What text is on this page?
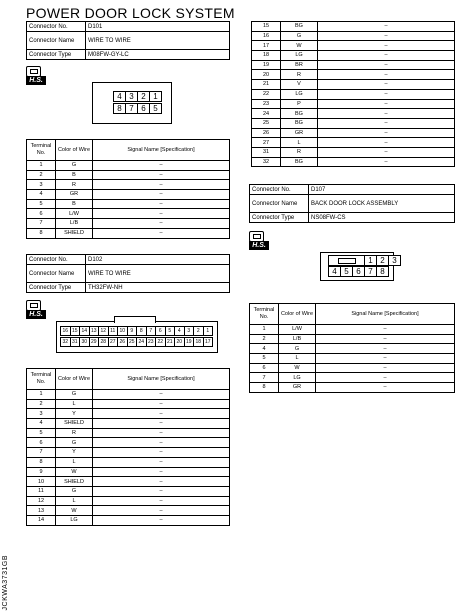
POWER DOOR LOCK SYSTEM
Connector No.	D101
Connector Name	WIRE TO WIRE
Connector Type	M08FW-GY-LC
H.S.
4 3 2 1
8 7 6 5
Terminal No.	Color of Wire	Signal Name [Specification]
1	G	–
2	B	–
3	R	–
4	GR	–
5	B	–
6	L/W	–
7	L/B	–
8	SHIELD	–
Connector No.	D102
Connector Name	WIRE TO WIRE
Connector Type	TH32FW-NH
H.S.
16 15 14 13 12 11 10	9	8	7	6	5	4	3	2	1
32 31 30 29 28 27 26 25 24 23 22 21 20 19 18 17
Terminal No.	Color of Wire	Signal Name [Specification]
1	G	–
2	L	–
3	Y	–
4	SHIELD	–
5	R	–
6	G	–
7	Y	–
8	L	–
9	W	–
10	SHIELD	–
11	G	–
12	L	–
13	W	–
14	LG	–
15	BG	–
16	G	–
17	W	–
18	LG	–
19	BR	–
20	R	–
21	V	–
22	LG	–
23	P	–
24	BG	–
25	BG	–
26	GR	–
27	L	–
31	R	–
32	BG	–
Connector No.	D107
Connector Name	BACK DOOR LOCK ASSEMBLY
Connector Type	NS08FW-CS
H.S.
1 2 3
4 5 6 7 8
Terminal No.	Color of Wire	Signal Name [Specification]
1	L/W	–
2	L/B	–
4	G	–
5	L	–
6	W	–
7	LG	–
8	GR	–
JCKWA3731GB
